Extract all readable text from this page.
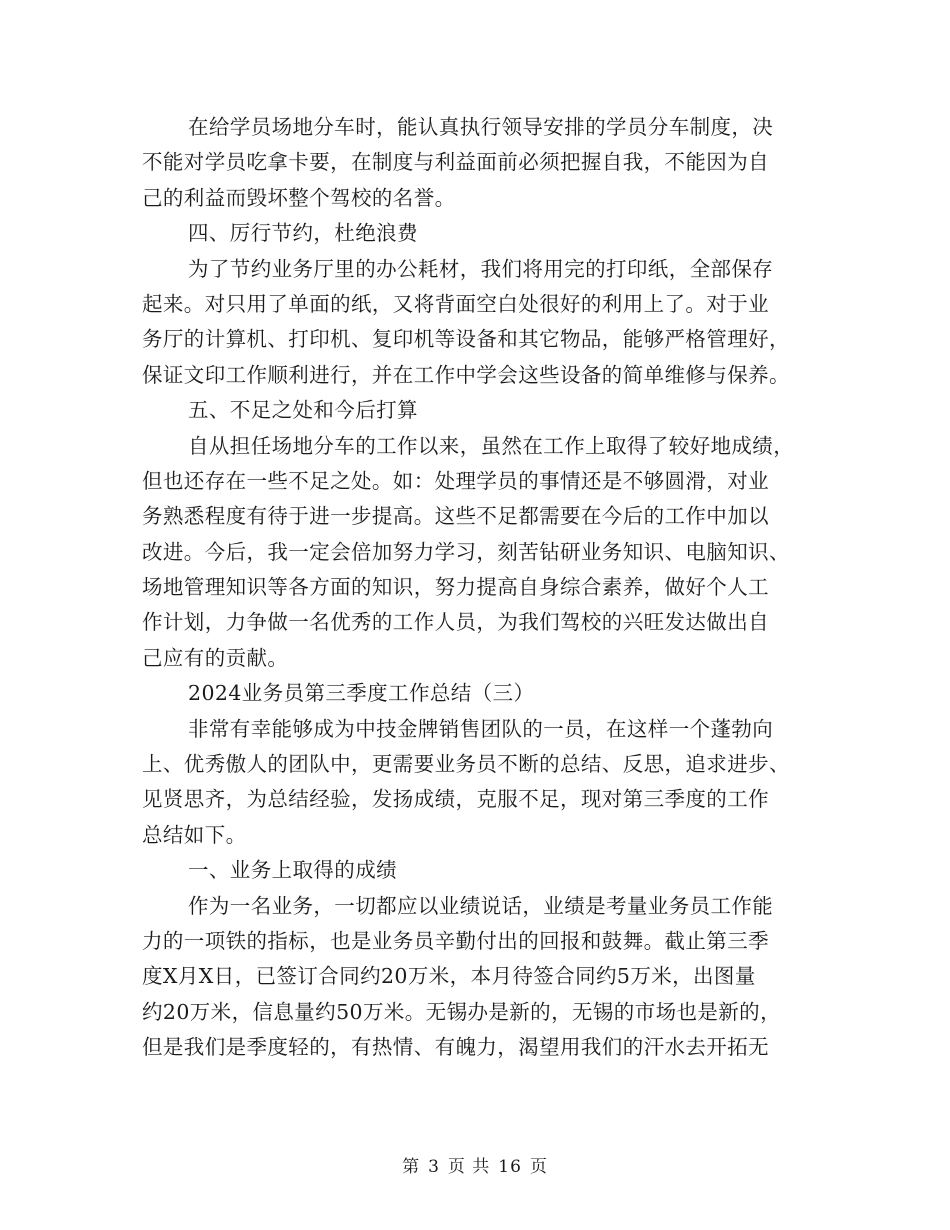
在给学员场地分车时，能认真执行领导安排的学员分车制度，决
不能对学员吃拿卡要，在制度与利益面前必须把握自我，不能因为自
己的利益而毁坏整个驾校的名誉。
四、厉行节约，杜绝浪费
为了节约业务厅里的办公耗材，我们将用完的打印纸，全部保存
起来。对只用了单面的纸，又将背面空白处很好的利用上了。对于业
务厅的计算机、打印机、复印机等设备和其它物品，能够严格管理好，
保证文印工作顺利进行，并在工作中学会这些设备的简单维修与保养。
五、不足之处和今后打算
自从担任场地分车的工作以来，虽然在工作上取得了较好地成绩，
但也还存在一些不足之处。如：处理学员的事情还是不够圆滑，对业
务熟悉程度有待于进一步提高。这些不足都需要在今后的工作中加以
改进。今后，我一定会倍加努力学习，刻苦钻研业务知识、电脑知识、
场地管理知识等各方面的知识，努力提高自身综合素养，做好个人工
作计划，力争做一名优秀的工作人员，为我们驾校的兴旺发达做出自
己应有的贡献。
2024业务员第三季度工作总结（三）
非常有幸能够成为中技金牌销售团队的一员，在这样一个蓬勃向
上、优秀傲人的团队中，更需要业务员不断的总结、反思，追求进步、
见贤思齐，为总结经验，发扬成绩，克服不足，现对第三季度的工作
总结如下。
一、业务上取得的成绩
作为一名业务，一切都应以业绩说话，业绩是考量业务员工作能
力的一项铁的指标，也是业务员辛勤付出的回报和鼓舞。截止第三季
度X月X日，已签订合同约20万米，本月待签合同约5万米，出图量
约20万米，信息量约50万米。无锡办是新的，无锡的市场也是新的，
但是我们是季度轻的，有热情、有魄力，渴望用我们的汗水去开拓无
第 3 页 共 16 页
